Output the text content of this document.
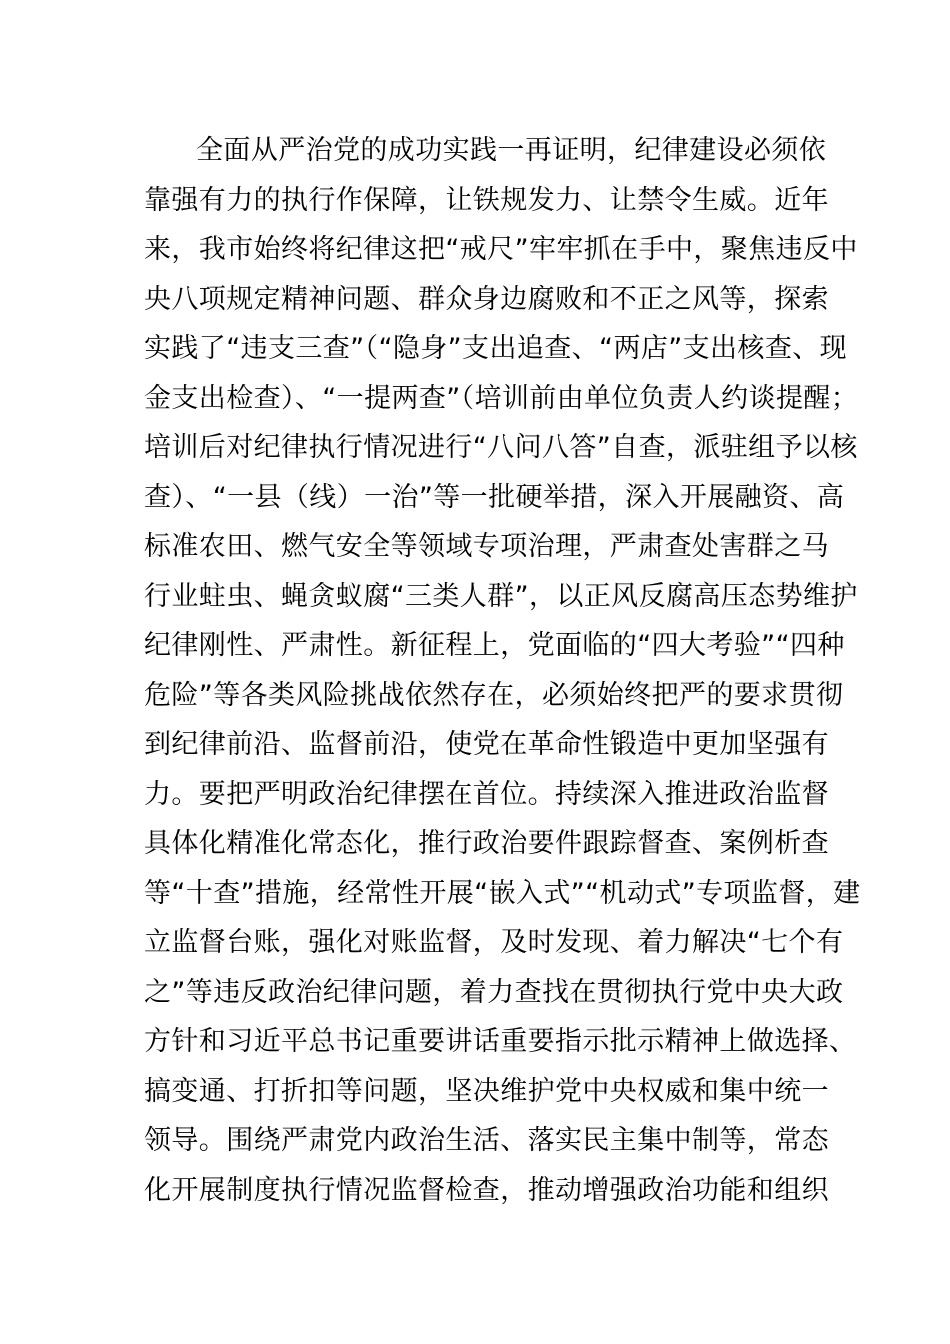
全面从严治党的成功实践一再证明，纪律建设必须依
靠强有力的执行作保障，让铁规发力、让禁令生威。近年
来，我市始终将纪律这把“戒尺”牢牢抓在手中，聚焦违反中
央八项规定精神问题、群众身边腐败和不正之风等，探索
实践了“违支三查”（“隐身”支出追查、“两店”支出核查、现
金支出检查）、“一提两查”（培训前由单位负责人约谈提醒；
培训后对纪律执行情况进行“八问八答”自查，派驻组予以核
查）、“一县（线）一治”等一批硬举措，深入开展融资、高
标准农田、燃气安全等领域专项治理，严肃查处害群之马
行业蛀虫、蝇贪蚁腐“三类人群”，以正风反腐高压态势维护
纪律刚性、严肃性。新征程上，党面临的“四大考验”“四种
危险”等各类风险挑战依然存在，必须始终把严的要求贯彻
到纪律前沿、监督前沿，使党在革命性锻造中更加坚强有
力。要把严明政治纪律摆在首位。持续深入推进政治监督
具体化精准化常态化，推行政治要件跟踪督查、案例析查
等“十查”措施，经常性开展“嵌入式”“机动式”专项监督，建
立监督台账，强化对账监督，及时发现、着力解决“七个有
之”等违反政治纪律问题，着力查找在贯彻执行党中央大政
方针和习近平总书记重要讲话重要指示批示精神上做选择、
搞变通、打折扣等问题，坚决维护党中央权威和集中统一
领导。围绕严肃党内政治生活、落实民主集中制等，常态
化开展制度执行情况监督检查，推动增强政治功能和组织
